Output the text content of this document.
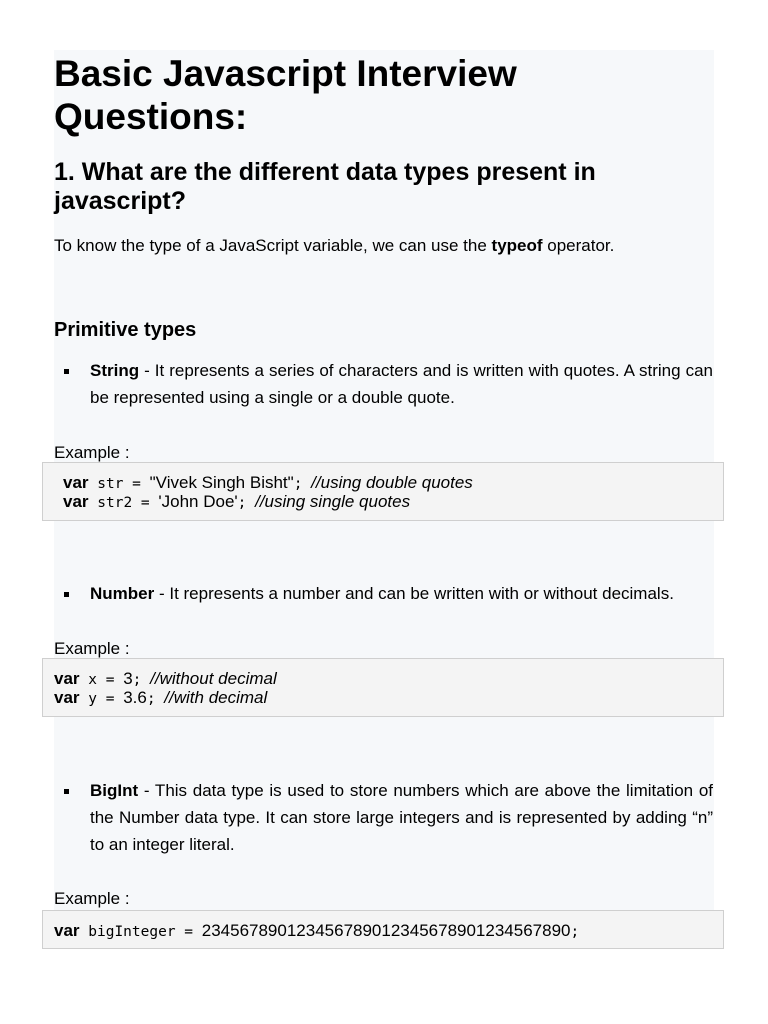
Basic Javascript Interview Questions:
1. What are the different data types present in javascript?
To know the type of a JavaScript variable, we can use the typeof operator.
Primitive types
String - It represents a series of characters and is written with quotes. A string can be represented using a single or a double quote.
Example :
var str = "Vivek Singh Bisht"; //using double quotes
var str2 = 'John Doe'; //using single quotes
Number - It represents a number and can be written with or without decimals.
Example :
var x = 3; //without decimal
var y = 3.6; //with decimal
BigInt - This data type is used to store numbers which are above the limitation of the Number data type. It can store large integers and is represented by adding “n” to an integer literal.
Example :
var bigInteger = 234567890123456789012345678901234567890;
